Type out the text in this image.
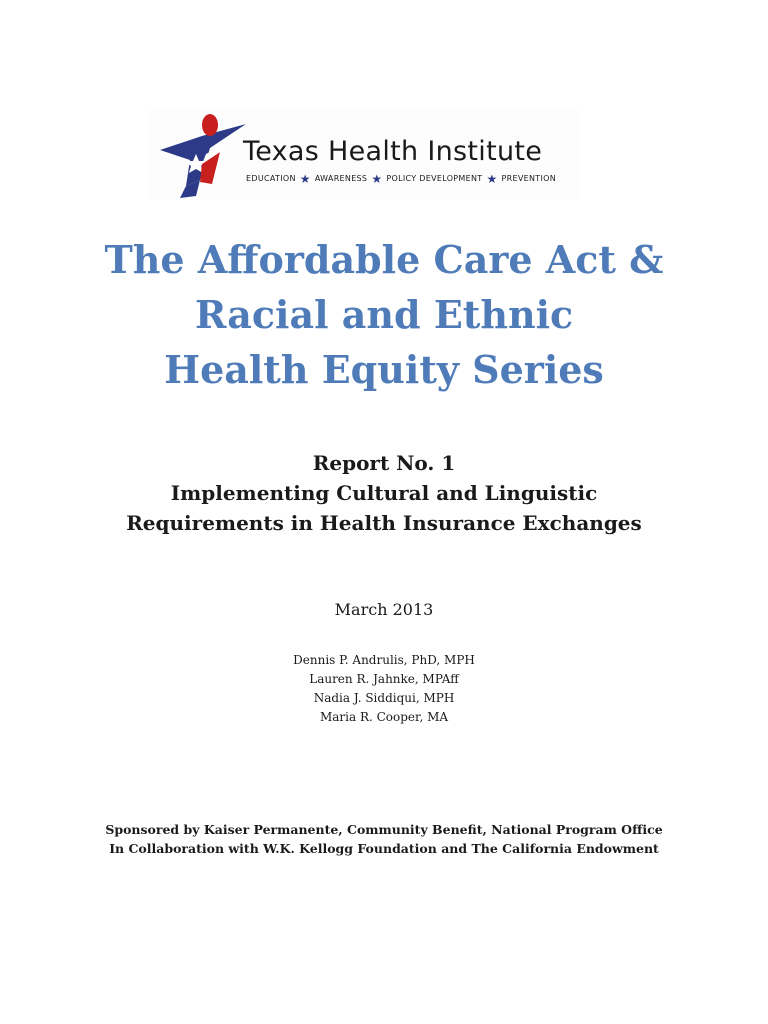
Texas Health Institute
EDUCATION ★ AWARENESS ★ POLICY DEVELOPMENT ★ PREVENTION
The Affordable Care Act &
Racial and Ethnic
Health Equity Series
Report No. 1
Implementing Cultural and Linguistic
Requirements in Health Insurance Exchanges
March 2013
Dennis P. Andrulis, PhD, MPH
Lauren R. Jahnke, MPAff
Nadia J. Siddiqui, MPH
Maria R. Cooper, MA
Sponsored by Kaiser Permanente, Community Benefit, National Program Office
In Collaboration with W.K. Kellogg Foundation and The California Endowment
